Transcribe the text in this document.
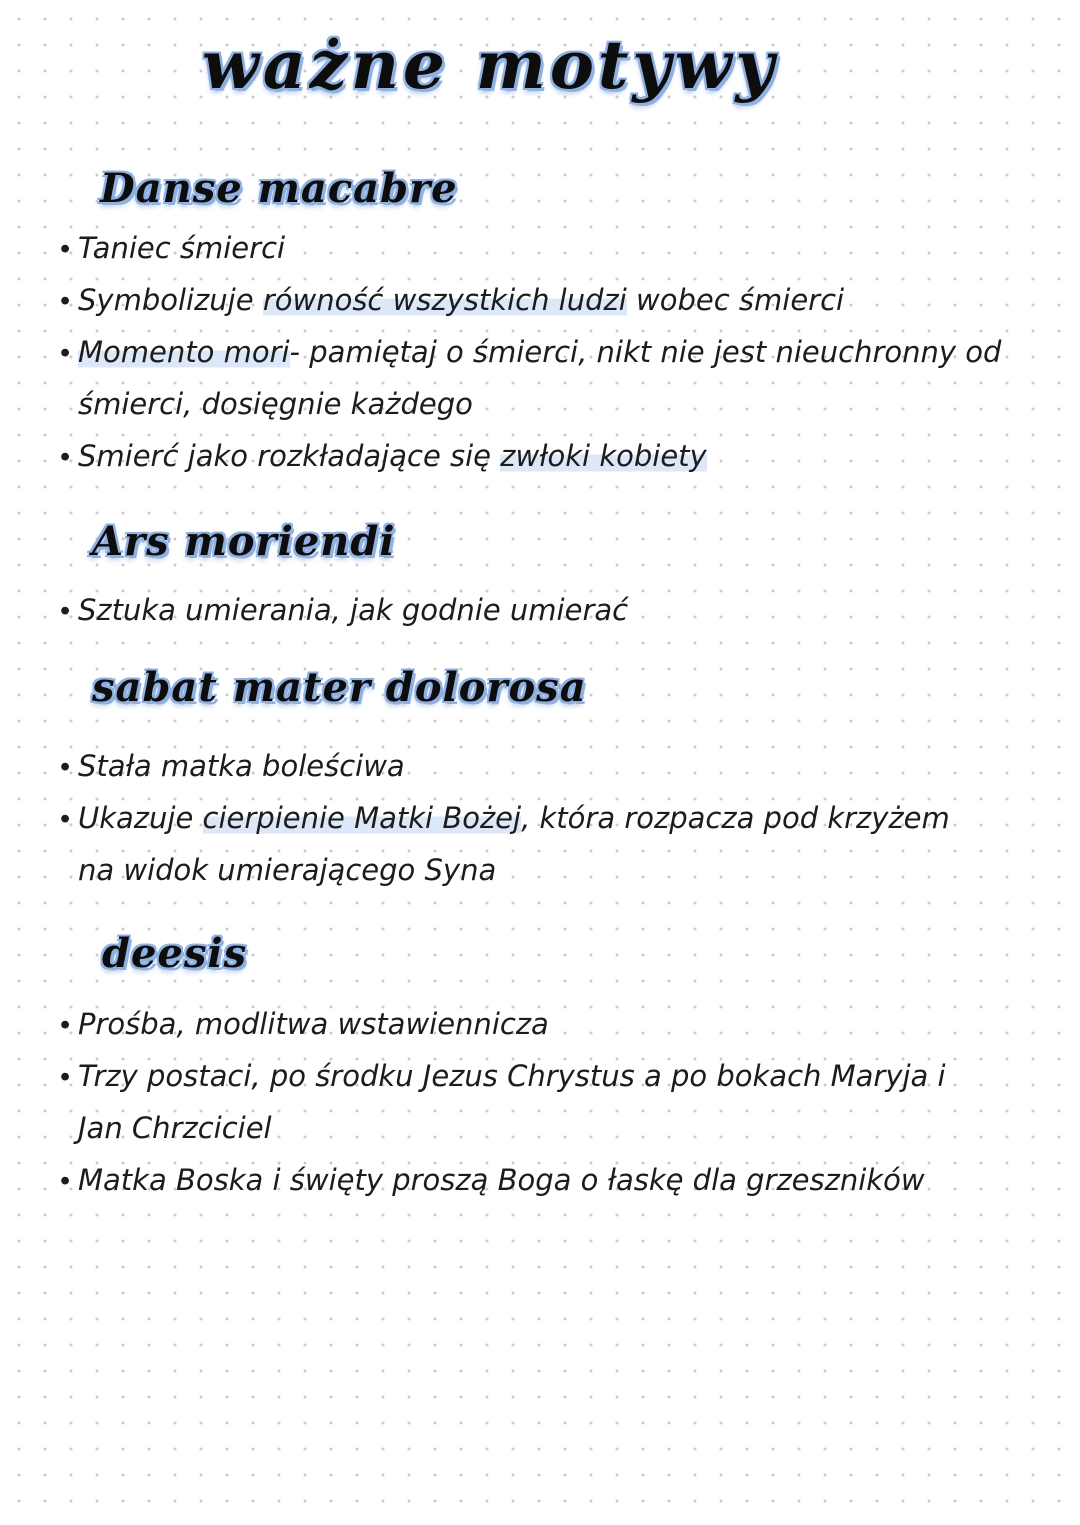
ważne motywy
Danse macabre
• Taniec śmierci
• Symbolizuje równość wszystkich ludzi wobec śmierci
• Momento mori- pamiętaj o śmierci, nikt nie jest nieuchronny od
śmierci, dosięgnie każdego
• Smierć jako rozkładające się zwłoki kobiety
Ars moriendi
• Sztuka umierania, jak godnie umierać
sabat mater dolorosa
• Stała matka boleściwa
• Ukazuje cierpienie Matki Bożej, która rozpacza pod krzyżem
na widok umierającego Syna
deesis
• Prośba, modlitwa wstawiennicza
• Trzy postaci, po środku Jezus Chrystus a po bokach Maryja i
Jan Chrzciciel
• Matka Boska i święty proszą Boga o łaskę dla grzeszników
